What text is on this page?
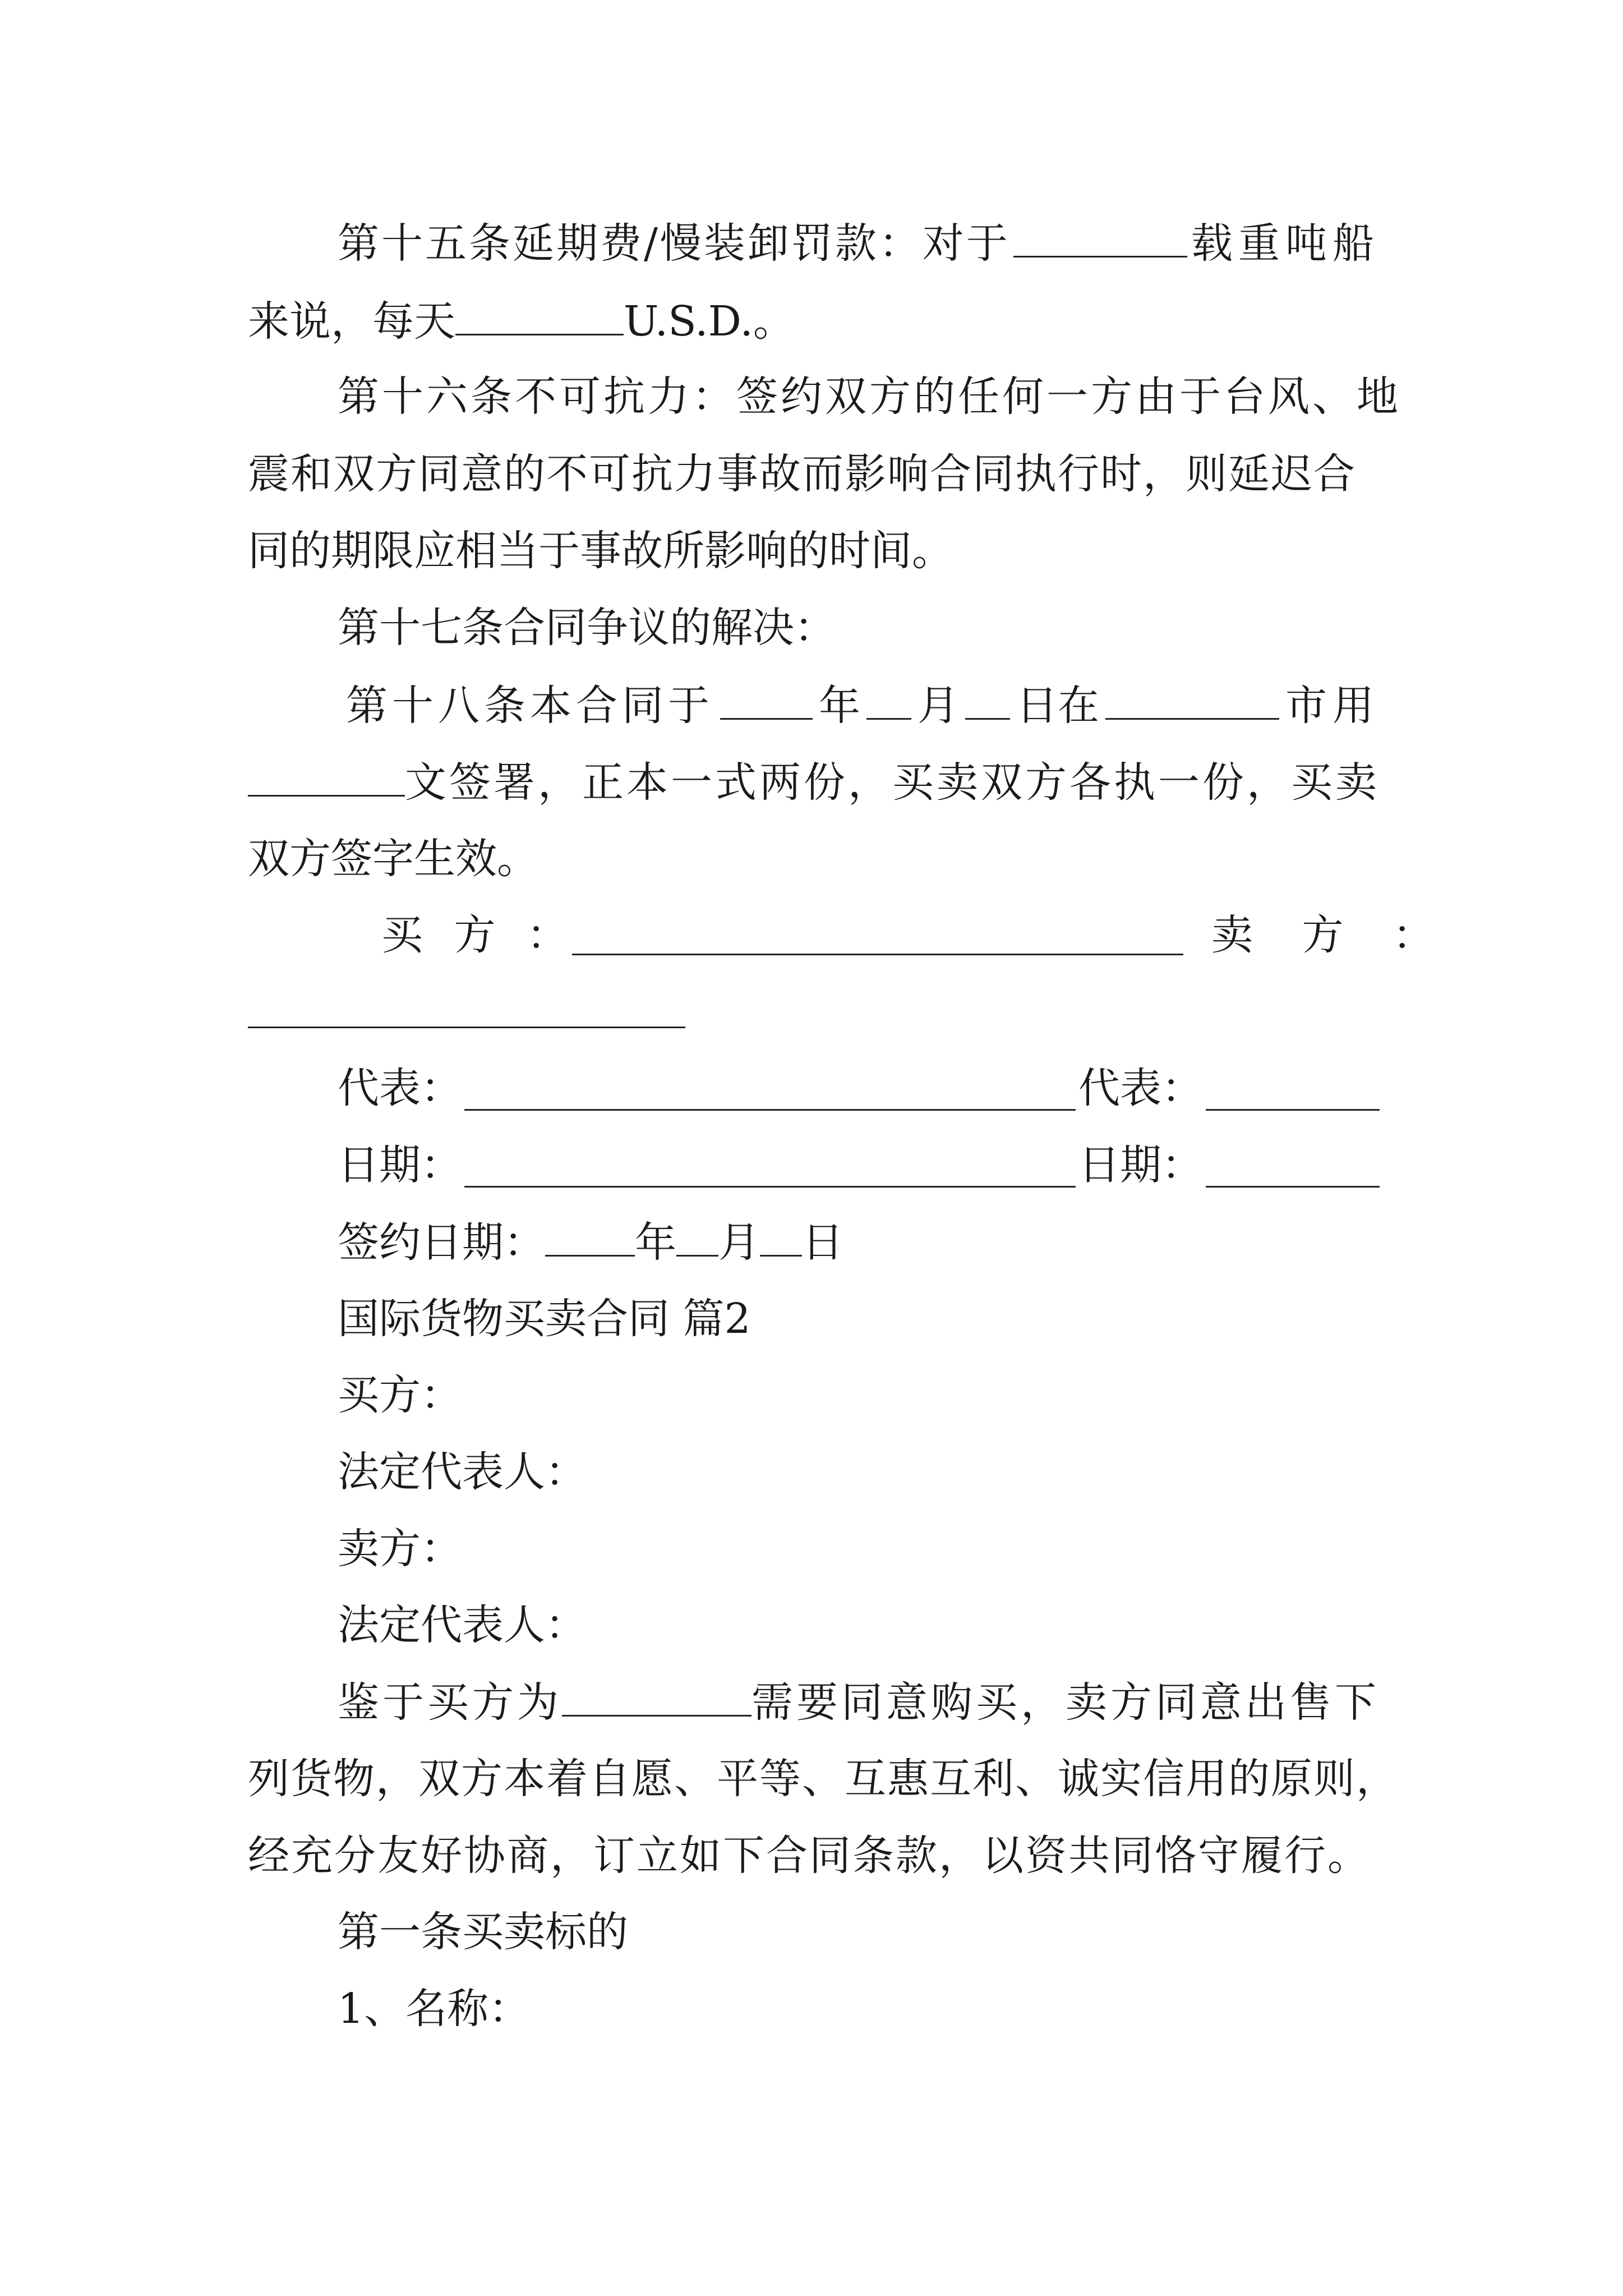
第十五条延期费/慢装卸罚款：对于	载重吨船
来说，每天	U.S.D.。
第十六条不可抗力：签约双方的任何一方由于台风、地
震和双方同意的不可抗力事故而影响合同执行时，则延迟合
同的期限应相当于事故所影响的时间。
第十七条合同争议的解决：
第十八条本合同于	年 月 日在	市用
文签署，正本一式两份，买卖双方各执一份，买卖
双方签字生效。
买 方 ：	卖 方 ：
代表：	代表：
日期：	日期：
签约日期： 年 月 日
国际货物买卖合同 篇2
买方：
法定代表人：
卖方：
法定代表人：
鉴于买方为	需要同意购买，卖方同意出售下
列货物，双方本着自愿、平等、互惠互利、诚实信用的原则，
经充分友好协商，订立如下合同条款，以资共同恪守履行。
第一条买卖标的
1、名称：
